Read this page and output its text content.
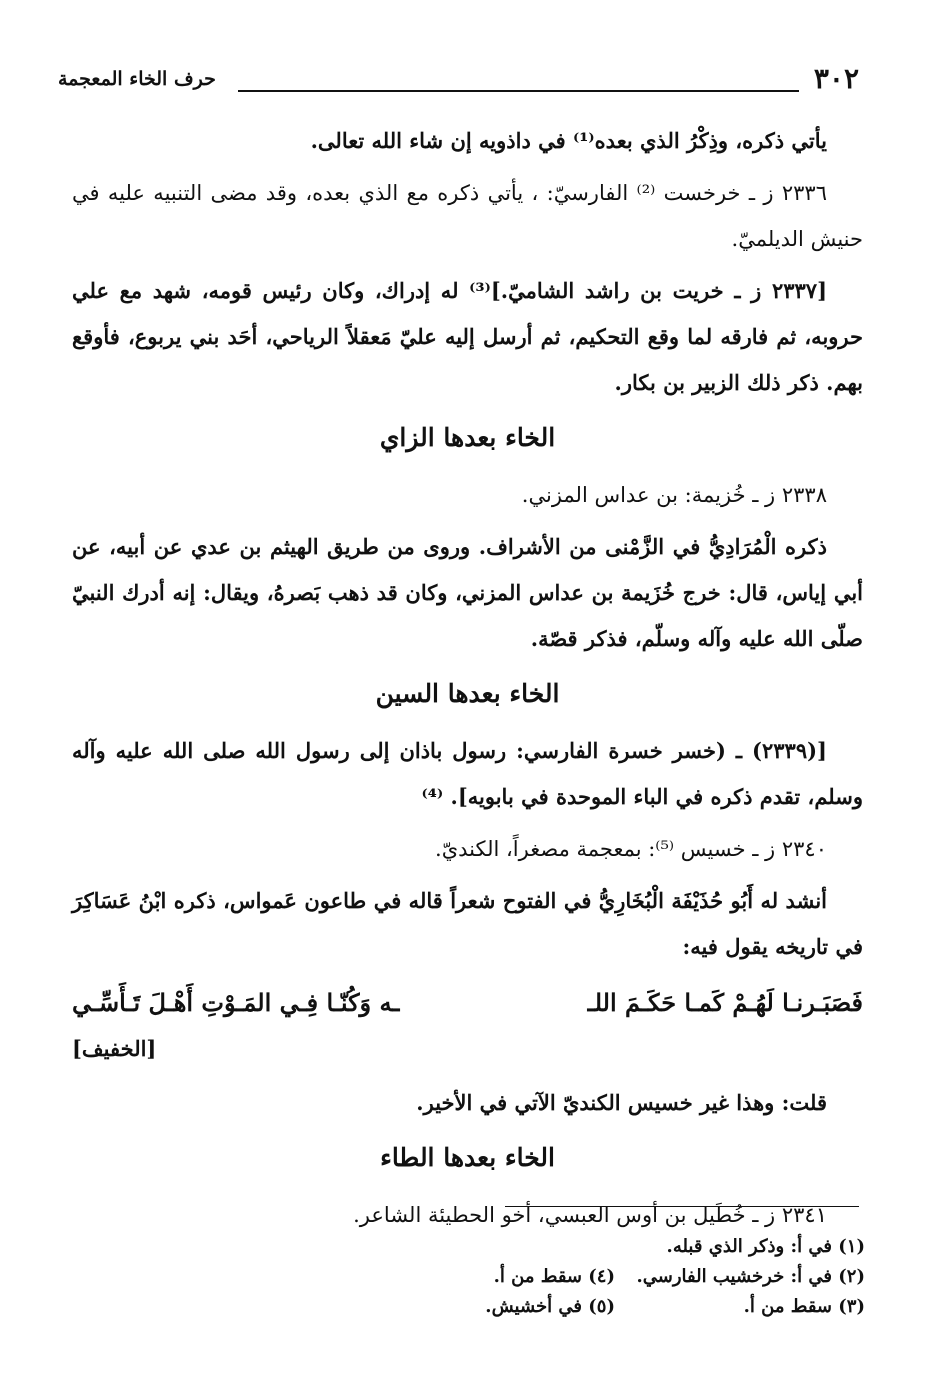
٣٠٢
حرف الخاء المعجمة

يأتي ذكره، وذِكْرُ الذي بعده⁽¹⁾ في داذويه إن شاء الله تعالى.

٢٣٣٦ ز ـ خرخست ⁽²⁾ الفارسيّ: ، يأتي ذكره مع الذي بعده، وقد مضى التنبيه عليه في حنيش الديلميّ.

[٢٣٣٧ ز ـ خريت بن راشد الشاميّ.]⁽³⁾ له إدراك، وكان رئيس قومه، شهد مع علي حروبه، ثم فارقه لما وقع التحكيم، ثم أرسل إليه عليّ مَعقلاً الرياحي، أحَد بني يربوع، فأوقع بهم. ذكر ذلك الزبير بن بكار.

الخاء بعدها الزاي

٢٣٣٨ ز ـ خُزيمة: بن عداس المزني.

ذكره الْمُرَادِيُّ في الزَّمْنى من الأشراف. وروى من طريق الهيثم بن عدي عن أبيه، عن أبي إياس، قال: خرج خُزَيمة بن عداس المزني، وكان قد ذهب بَصرهُ، ويقال: إنه أدرك النبيّ صلّى الله عليه وآله وسلّم، فذكر قصّة.

الخاء بعدها السين

[(٢٣٣٩) ـ (خسر خسرة الفارسي: رسول باذان إلى رسول الله صلى الله عليه وآله وسلم، تقدم ذكره في الباء الموحدة في بابويه]. ⁽⁴⁾

٢٣٤٠ ز ـ خسيس ⁽⁵⁾: بمعجمة مصغراً، الكنديّ.

أنشد له أَبُو حُذَيْفَة الْبُخَارِيُّ في الفتوح شعراً قاله في طاعون عَمواس، ذكره ابْنُ عَسَاكِرَ في تاريخه يقول فيه:

فَصَبَـرنـا لَهُـمْ كَمـا حَكَـمَ اللـ
ـه وَكُنّـا فِـي المَـوْتِ أَهْـلَ تَـأَسِّـي
[الخفيف]

قلت: وهذا غير خسيس الكنديّ الآتي في الأخير.

الخاء بعدها الطاء

٢٣٤١ ز ـ خُطَيل بن أوس العبسي، أخو الحطيئة الشاعر.

(١) في أ: وذكر الذي قبله.
(٢) في أ: خرخشيب الفارسي.
(٤) سقط من أ.
(٣) سقط من أ.
(٥) في أخشيش.
